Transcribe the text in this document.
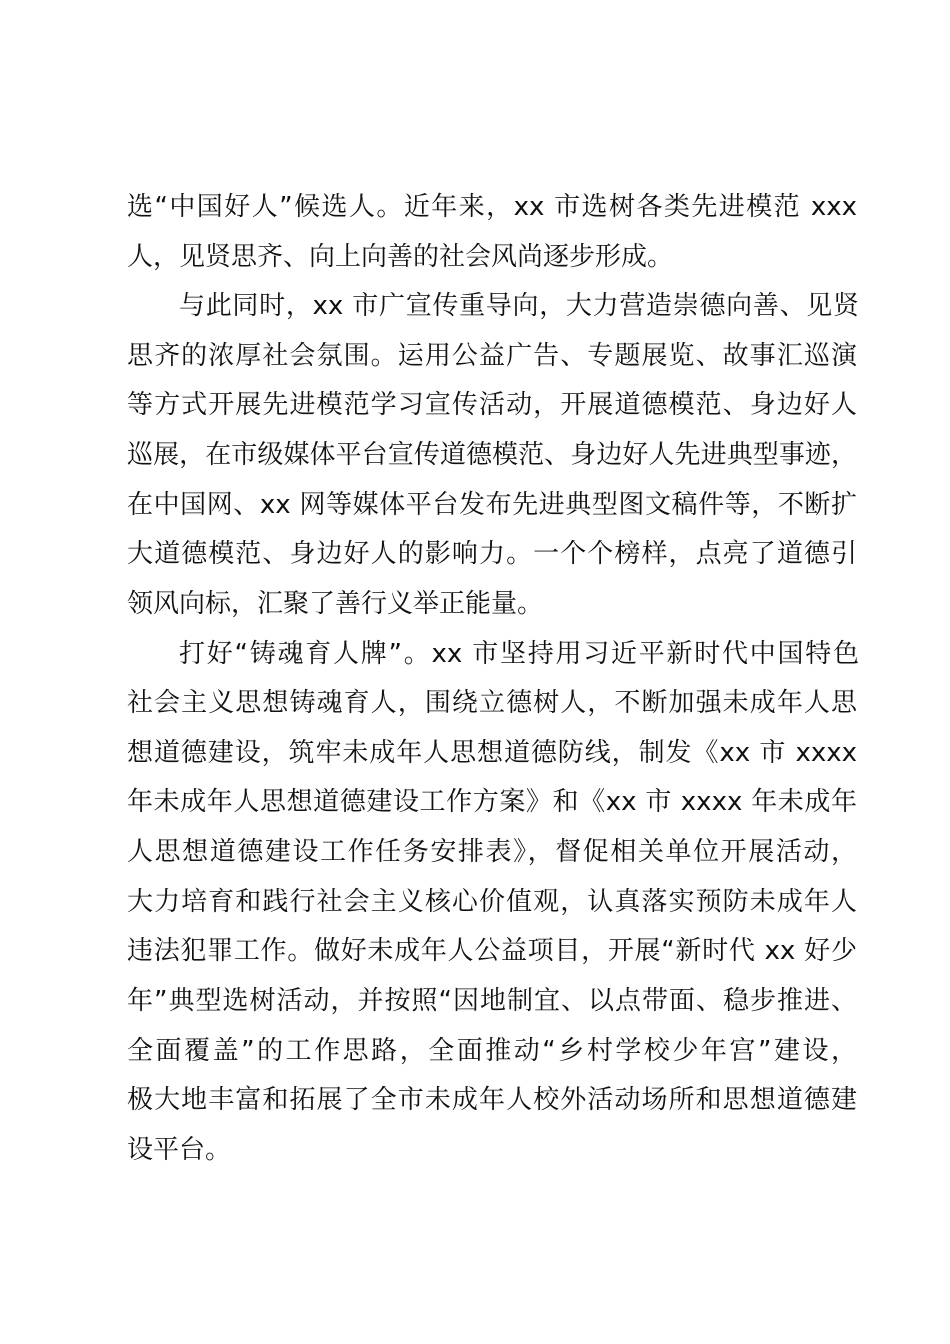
选“中国好人”候选人。近年来，xx 市选树各类先进模范 xxx
人，见贤思齐、向上向善的社会风尚逐步形成。
与此同时，xx 市广宣传重导向，大力营造崇德向善、见贤
思齐的浓厚社会氛围。运用公益广告、专题展览、故事汇巡演
等方式开展先进模范学习宣传活动，开展道德模范、身边好人
巡展，在市级媒体平台宣传道德模范、身边好人先进典型事迹，
在中国网、xx 网等媒体平台发布先进典型图文稿件等，不断扩
大道德模范、身边好人的影响力。一个个榜样，点亮了道德引
领风向标，汇聚了善行义举正能量。
打好“铸魂育人牌”。xx 市坚持用习近平新时代中国特色
社会主义思想铸魂育人，围绕立德树人，不断加强未成年人思
想道德建设，筑牢未成年人思想道德防线，制发《xx 市 xxxx
年未成年人思想道德建设工作方案》和《xx 市 xxxx 年未成年
人思想道德建设工作任务安排表》，督促相关单位开展活动，
大力培育和践行社会主义核心价值观，认真落实预防未成年人
违法犯罪工作。做好未成年人公益项目，开展“新时代 xx 好少
年”典型选树活动，并按照“因地制宜、以点带面、稳步推进、
全面覆盖”的工作思路，全面推动“乡村学校少年宫”建设，
极大地丰富和拓展了全市未成年人校外活动场所和思想道德建
设平台。
